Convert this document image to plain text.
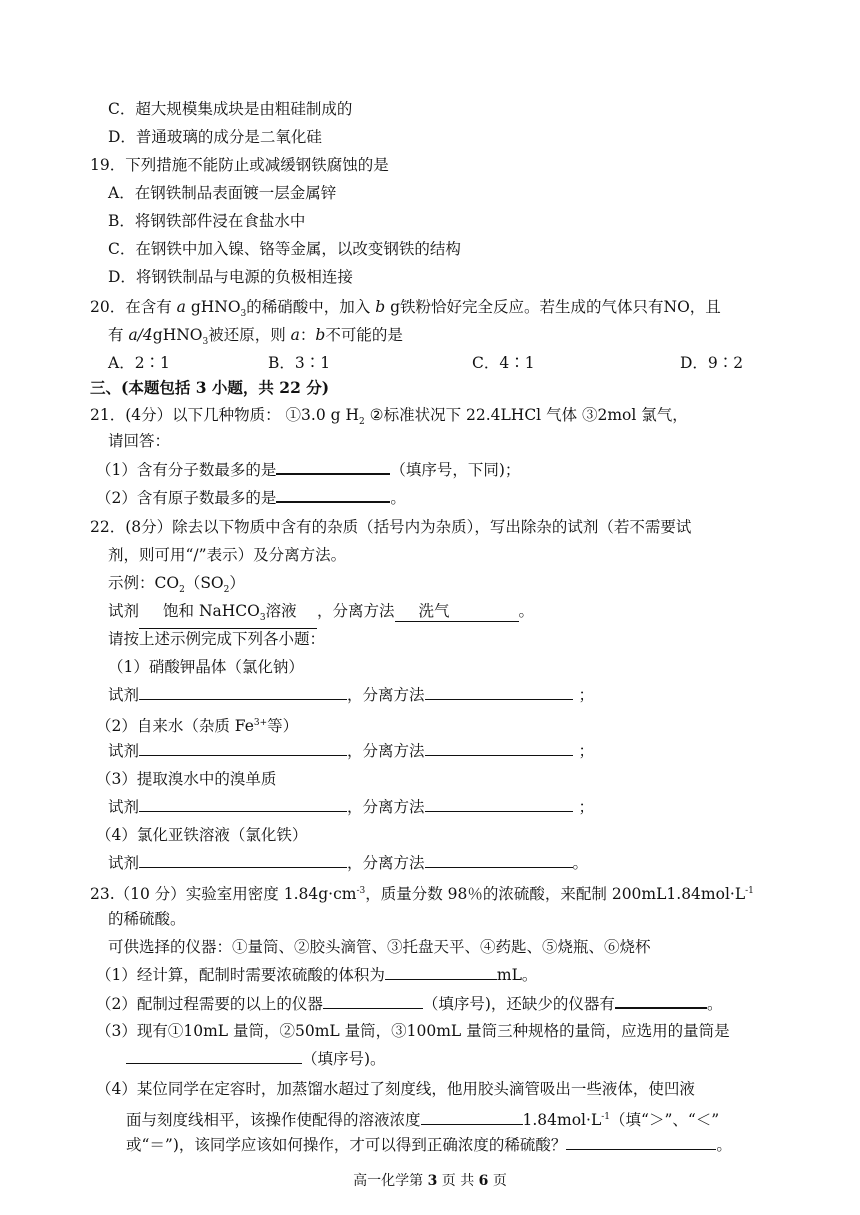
C．超大规模集成块是由粗硅制成的
D．普通玻璃的成分是二氧化硅
19．下列措施不能防止或减缓钢铁腐蚀的是
A．在钢铁制品表面镀一层金属锌
B．将钢铁部件浸在食盐水中
C．在钢铁中加入镍、铬等金属，以改变钢铁的结构
D．将钢铁制品与电源的负极相连接
20．在含有 a gHNO$_3$的稀硝酸中，加入 b g铁粉恰好完全反应。若生成的气体只有NO，且
有 a/4gHNO$_3$被还原，则 a：b不可能的是
A．2∶1	B．3∶1	C．4∶1	D．9∶2
三、(本题包括 3 小题，共 22 分)
21．(4分）以下几种物质： ①3.0 g $H_2$ ②标准状况下 22.4LHCl 气体 ③2mol 氯气，
请回答：
（1）含有分子数最多的是	（填序号，下同)；
（2）含有原子数最多的是	。
22．(8分）除去以下物质中含有的杂质（括号内为杂质），写出除杂的试剂（若不需要试
剂，则可用“/”表示）及分离方法。
示例：$CO_2(SO_2)$
试剂 饱和 NaHCO$_3$溶液 ，分离方法 洗气	。
请按上述示例完成下列各小题：
（1）硝酸钾晶体（氯化钠）
试剂	，分离方法	；
（2）自来水（杂质 $Fe^{3+}$等）
试剂	，分离方法	；
（3）提取溴水中的溴单质
试剂	，分离方法	；
（4）氯化亚铁溶液（氯化铁）
试剂	，分离方法	。
23.（10 分）实验室用密度 $1.84g\cdot cm^{-3}$，质量分数 98％的浓硫酸，来配制 $200mL1.84mol\cdot L^{-1}$
的稀硫酸。
可供选择的仪器：①量筒、②胶头滴管、③托盘天平、④药匙、⑤烧瓶、⑥烧杯
（1）经计算，配制时需要浓硫酸的体积为	mL。
（2）配制过程需要的以上的仪器	（填序号)，还缺少的仪器有	。
（3）现有①10mL 量筒，②50mL 量筒，③100mL 量筒三种规格的量筒，应选用的量筒是
（填序号)。
（4）某位同学在定容时，加蒸馏水超过了刻度线，他用胶头滴管吸出一些液体，使凹液
面与刻度线相平，该操作使配得的溶液浓度	$1.84mol\cdot L^{-1}$（填“＞”、“＜”
或“＝”)，该同学应该如何操作，才可以得到正确浓度的稀硫酸？	。
高一化学第 3 页 共 6 页
